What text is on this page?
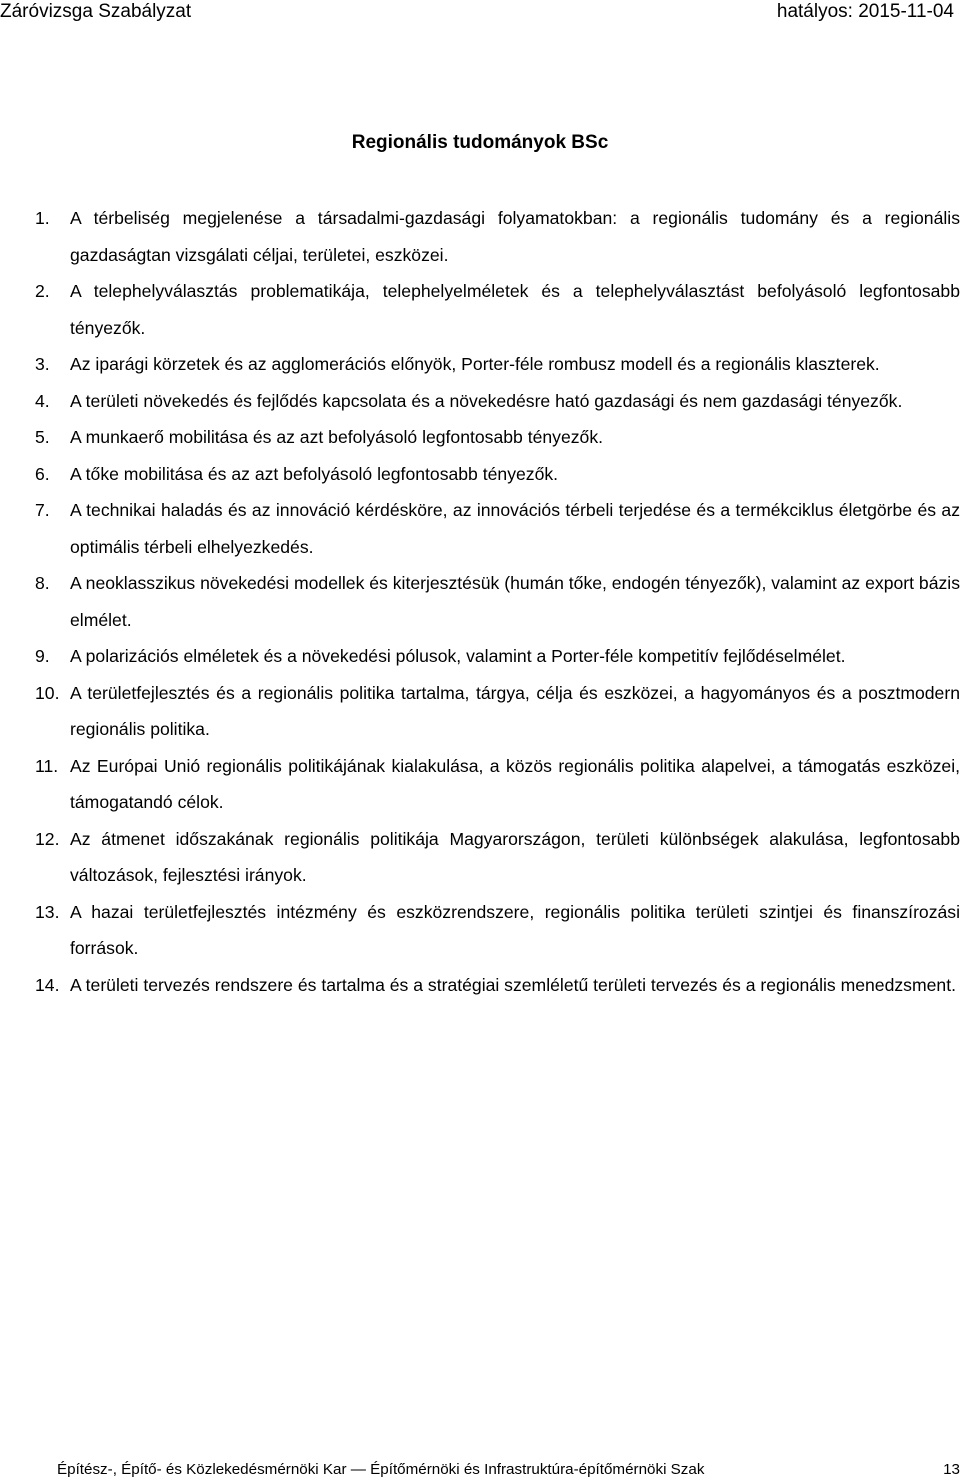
Záróvizsga Szabályzat	hatályos: 2015-11-04
Regionális tudományok BSc
1. A térbeliség megjelenése a társadalmi-gazdasági folyamatokban: a regionális tudomány és a regionális gazdaságtan vizsgálati céljai, területei, eszközei.
2. A telephelyválasztás problematikája, telephelyelméletek és a telephelyválasztást befolyásoló legfontosabb tényezők.
3. Az iparági körzetek és az agglomerációs előnyök, Porter-féle rombusz modell és a regionális klaszterek.
4. A területi növekedés és fejlődés kapcsolata és a növekedésre ható gazdasági és nem gazdasági tényezők.
5. A munkaerő mobilitása és az azt befolyásoló legfontosabb tényezők.
6. A tőke mobilitása és az azt befolyásoló legfontosabb tényezők.
7. A technikai haladás és az innováció kérdésköre, az innovációs térbeli terjedése és a termékciklus életgörbe és az optimális térbeli elhelyezkedés.
8. A neoklasszikus növekedési modellek és kiterjesztésük (humán tőke, endogén tényezők), valamint az export bázis elmélet.
9. A polarizációs elméletek és a növekedési pólusok, valamint a Porter-féle kompetitív fejlődéselmélet.
10. A területfejlesztés és a regionális politika tartalma, tárgya, célja és eszközei, a hagyományos és a posztmodern regionális politika.
11. Az Európai Unió regionális politikájának kialakulása, a közös regionális politika alapelvei, a támogatás eszközei, támogatandó célok.
12. Az átmenet időszakának regionális politikája Magyarországon, területi különbségek alakulása, legfontosabb változások, fejlesztési irányok.
13. A hazai területfejlesztés intézmény és eszközrendszere, regionális politika területi szintjei és finanszírozási források.
14. A területi tervezés rendszere és tartalma és a stratégiai szemléletű területi tervezés és a regionális menedzsment.
Építész-, Építő- és Közlekedésmérnöki Kar — Építőmérnöki és Infrastruktúra-építőmérnöki Szak	13
